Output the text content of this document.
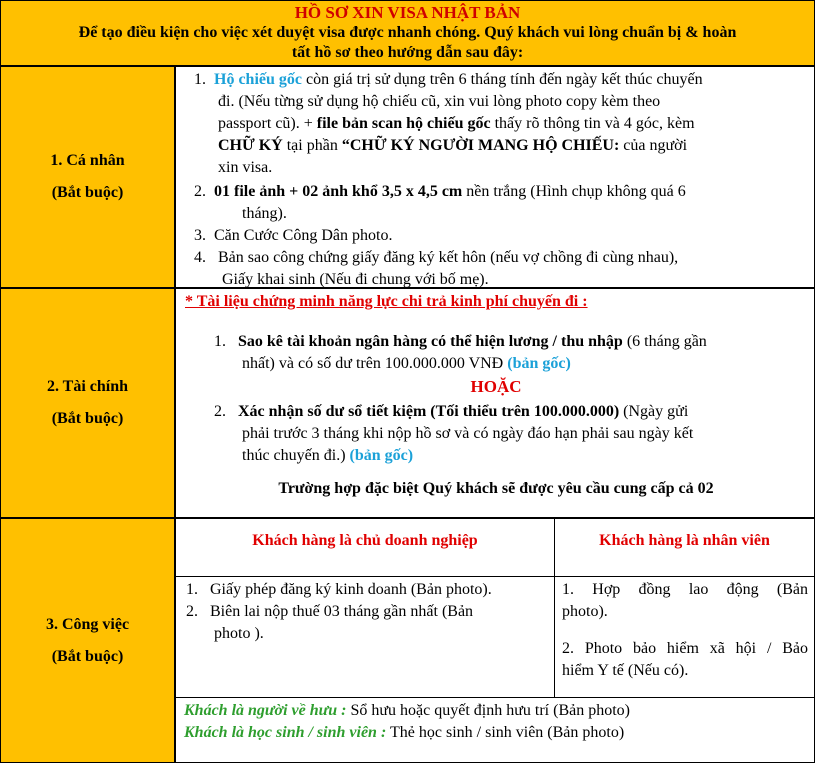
HỒ SƠ XIN VISA NHẬT BẢN
Để tạo điều kiện cho việc xét duyệt visa được nhanh chóng. Quý khách vui lòng chuẩn bị & hoàn
tất hồ sơ theo hướng dẫn sau đây:
1. Cá nhân
(Bắt buộc)
1. Hộ chiếu gốc còn giá trị sử dụng trên 6 tháng tính đến ngày kết thúc chuyến
đi. (Nếu từng sử dụng hộ chiếu cũ, xin vui lòng photo copy kèm theo
passport cũ). + file bản scan hộ chiếu gốc thấy rõ thông tin và 4 góc, kèm
CHỮ KÝ tại phần “CHỮ KÝ NGƯỜI MANG HỘ CHIẾU: của người
xin visa.
2. 01 file ảnh + 02 ảnh khổ 3,5 x 4,5 cm nền trắng (Hình chụp không quá 6
tháng).
3. Căn Cước Công Dân photo.
4. Bản sao công chứng giấy đăng ký kết hôn (nếu vợ chồng đi cùng nhau),
Giấy khai sinh (Nếu đi chung với bố mẹ).
2. Tài chính
(Bắt buộc)
* Tài liệu chứng minh năng lực chi trả kinh phí chuyến đi :
1. Sao kê tài khoản ngân hàng có thể hiện lương / thu nhập (6 tháng gần
nhất) và có số dư trên 100.000.000 VNĐ (bản gốc)
HOẶC
2. Xác nhận số dư sổ tiết kiệm (Tối thiểu trên 100.000.000) (Ngày gửi
phải trước 3 tháng khi nộp hồ sơ và có ngày đáo hạn phải sau ngày kết
thúc chuyến đi.) (bản gốc)
Trường hợp đặc biệt Quý khách sẽ được yêu cầu cung cấp cả 02
3. Công việc
(Bắt buộc)
Khách hàng là chủ doanh nghiệp	Khách hàng là nhân viên
1. Giấy phép đăng ký kinh doanh (Bản photo).
2. Biên lai nộp thuế 03 tháng gần nhất (Bản
photo ).
1. Hợp đồng lao động (Bản
photo).
2. Photo bảo hiểm xã hội / Bảo
hiểm Y tế (Nếu có).
Khách là người về hưu : Sổ hưu hoặc quyết định hưu trí (Bản photo)
Khách là học sinh / sinh viên : Thẻ học sinh / sinh viên (Bản photo)
